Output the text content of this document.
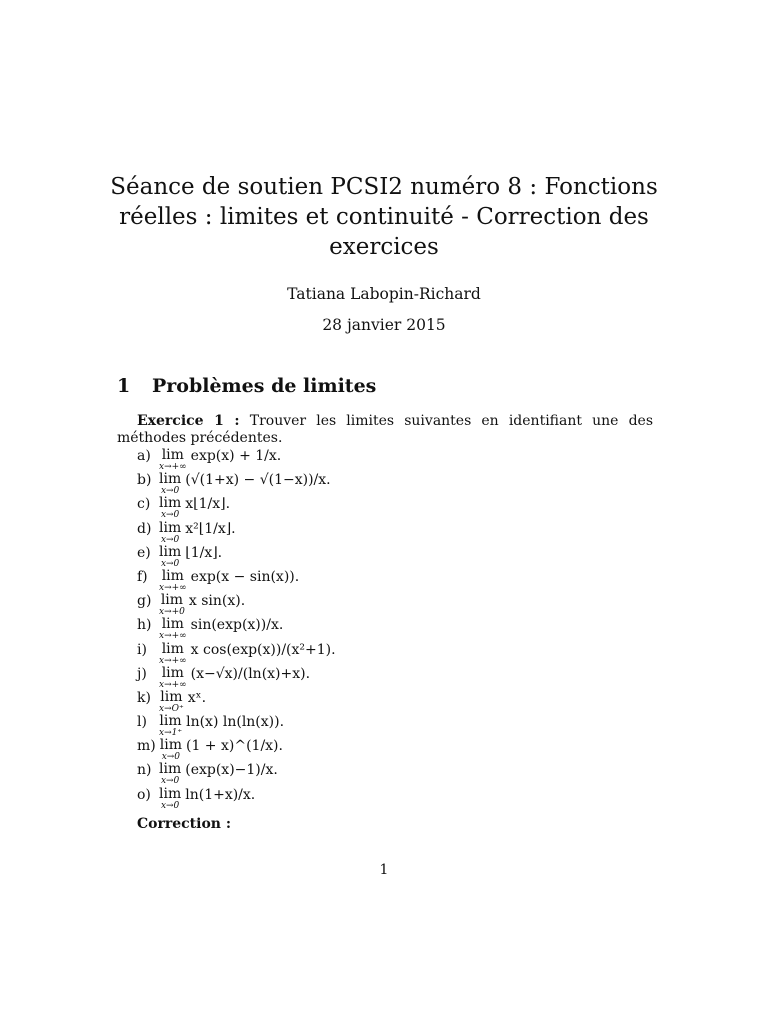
Séance de soutien PCSI2 numéro 8 : Fonctions réelles : limites et continuité - Correction des exercices
Tatiana Labopin-Richard
28 janvier 2015
1 Problèmes de limites

Exercice 1 : Trouver les limites suivantes en identifiant une des méthodes précédentes.

a) lim
x→+∞
exp(x) + 1/x.
b) lim
x→0
(√(1+x) − √(1−x))/x.
c) lim
x→0
x⌊1/x⌋.
d) lim
x→0
x²⌊1/x⌋.
e) lim
x→0
⌊1/x⌋.
f)	lim
x→+∞
exp(x − sin(x)).
g) lim
x→+0
x sin(x).
h) lim
x→+∞
sin(exp(x))/x.
i)	lim
x→+∞
x cos(exp(x))/(x²+1).
j)	lim
x→+∞
(x−√x)/(ln(x)+x).
k) lim
x→O⁺
xˣ.
l) lim
x→1⁺
ln(x) ln(ln(x)).
m) lim
x→0
(1 + x)^(1/x).
n) lim
x→0
(exp(x)−1)/x.
o) lim
x→0
ln(1+x)/x.
Correction :
1
